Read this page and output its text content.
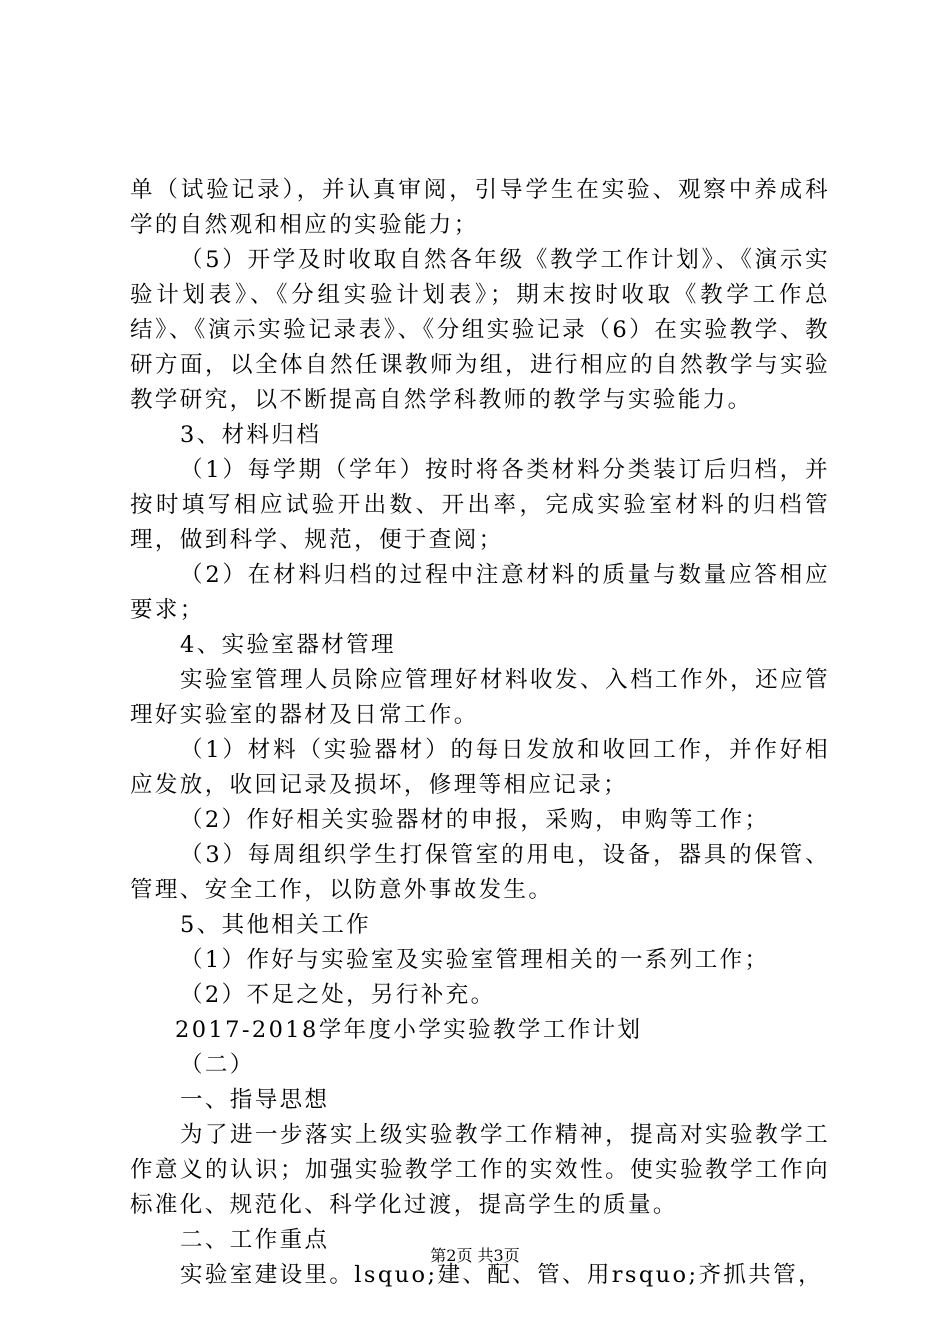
单（试验记录），并认真审阅，引导学生在实验、观察中养成科学的自然观和相应的实验能力；

（5）开学及时收取自然各年级《教学工作计划》、《演示实验计划表》、《分组实验计划表》；期末按时收取《教学工作总结》、《演示实验记录表》、《分组实验记录（6）在实验教学、教研方面，以全体自然任课教师为组，进行相应的自然教学与实验教学研究，以不断提高自然学科教师的教学与实验能力。

3、材料归档

（1）每学期（学年）按时将各类材料分类装订后归档，并按时填写相应试验开出数、开出率，完成实验室材料的归档管理，做到科学、规范，便于查阅；

（2）在材料归档的过程中注意材料的质量与数量应答相应要求；

4、实验室器材管理

实验室管理人员除应管理好材料收发、入档工作外，还应管理好实验室的器材及日常工作。

（1）材料（实验器材）的每日发放和收回工作，并作好相应发放，收回记录及损坏，修理等相应记录；

（2）作好相关实验器材的申报，采购，申购等工作；

（3）每周组织学生打保管室的用电，设备，器具的保管、管理、安全工作，以防意外事故发生。

5、其他相关工作

（1）作好与实验室及实验室管理相关的一系列工作；

（2）不足之处，另行补充。

2017-2018学年度小学实验教学工作计划

（二）

一、指导思想

为了进一步落实上级实验教学工作精神，提高对实验教学工作意义的认识；加强实验教学工作的实效性。使实验教学工作向标准化、规范化、科学化过渡，提高学生的质量。

二、工作重点

实验室建设里。lsquo;建、配、管、用rsquo;齐抓共管，

第2页 共3页
